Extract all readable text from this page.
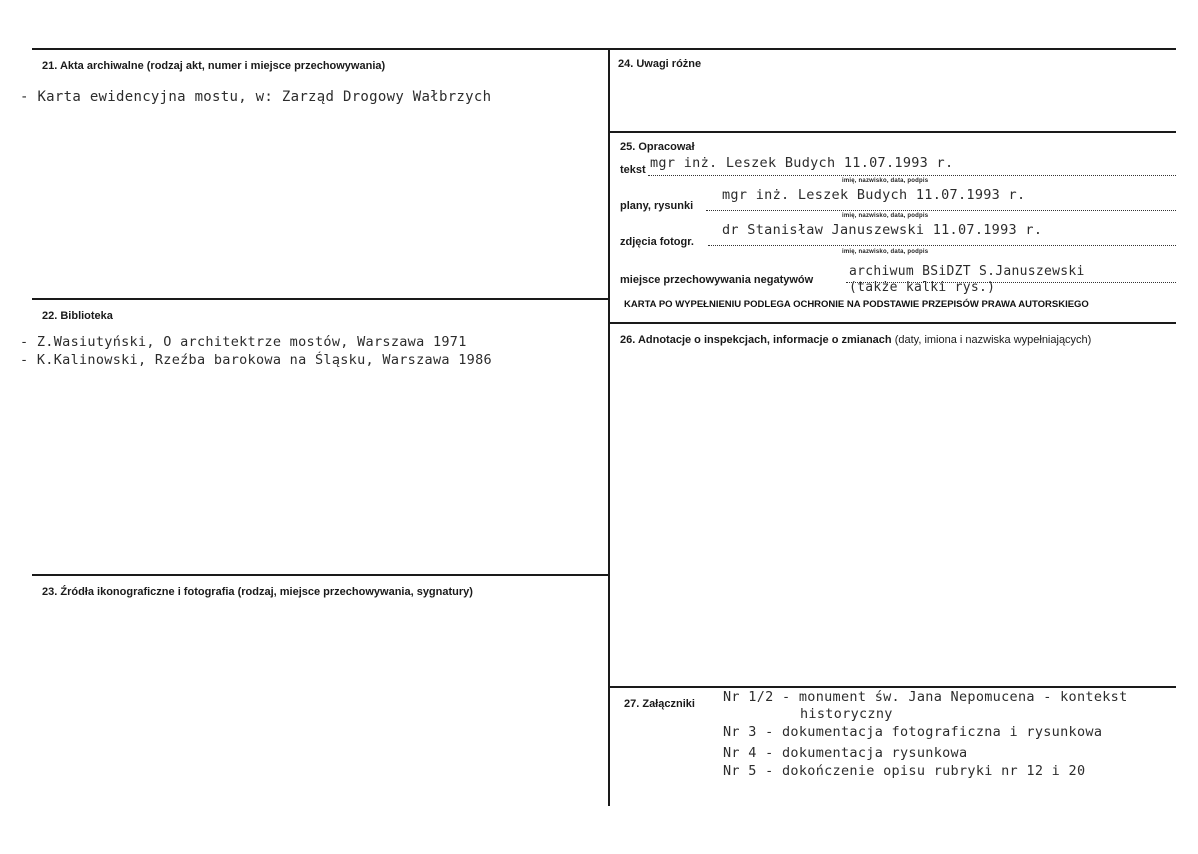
21. Akta archiwalne (rodzaj akt, numer i miejsce przechowywania)
- Karta ewidencyjna mostu, w: Zarząd Drogowy Wałbrzych
22. Biblioteka
- Z.Wasiutyński, O architektrze mostów, Warszawa 1971
- K.Kalinowski, Rzeźba barokowa na Śląsku, Warszawa 1986
23. Źródła ikonograficzne i fotografia (rodzaj, miejsce przechowywania, sygnatury)
24. Uwagi różne
25. Opracował
tekst mgr inż. Leszek Budych 11.07.1993 r.
imię, nazwisko, data, podpis
plany, rysunki
mgr inż. Leszek Budych 11.07.1993 r.
imię, nazwisko, data, podpis
zdjęcia fotogr.
dr Stanisław Januszewski 11.07.1993 r.
imię, nazwisko, data, podpis
miejsce przechowywania negatywów
archiwum BSiDZT S.Januszewski
(także kalki rys.)
KARTA PO WYPEŁNIENIU PODLEGA OCHRONIE NA PODSTAWIE PRZEPISÓW PRAWA AUTORSKIEGO
26. Adnotacje o inspekcjach, informacje o zmianach (daty, imiona i nazwiska wypełniających)
27. Załączniki Nr 1/2 - monument św. Jana Nepomucena - kontekst
historyczny
Nr 3 - dokumentacja fotograficzna i rysunkowa
Nr 4 - dokumentacja rysunkowa
Nr 5 - dokończenie opisu rubryki nr 12 i 20
